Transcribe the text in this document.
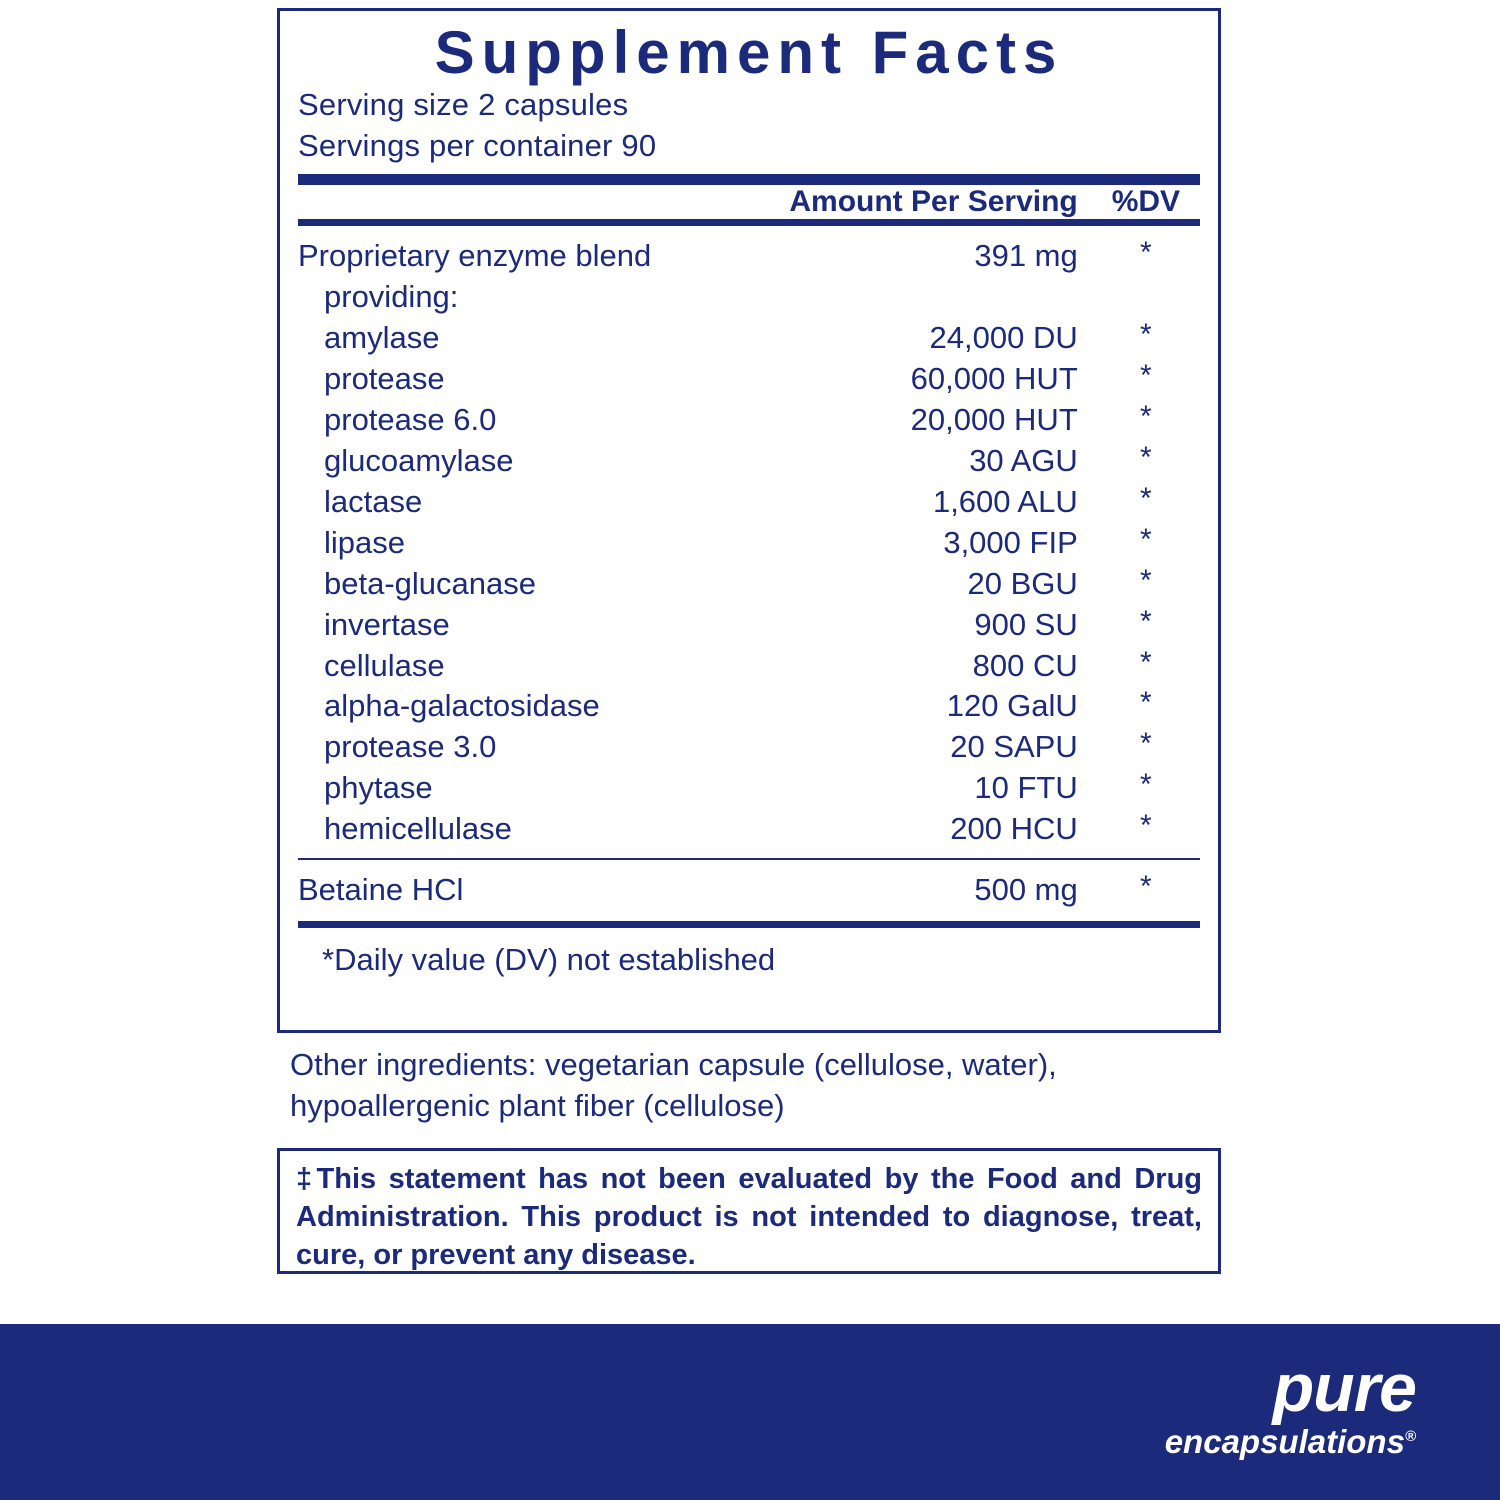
Supplement Facts
Serving size 2 capsules
Servings per container 90
	Amount Per Serving	%DV
Proprietary enzyme blend	391 mg	*
providing:		
amylase	24,000 DU	*
protease	60,000 HUT	*
protease 6.0	20,000 HUT	*
glucoamylase	30 AGU	*
lactase	1,600 ALU	*
lipase	3,000 FIP	*
beta-glucanase	20 BGU	*
invertase	900 SU	*
cellulase	800 CU	*
alpha-galactosidase	120 GalU	*
protease 3.0	20 SAPU	*
phytase	10 FTU	*
hemicellulase	200 HCU	*
Betaine HCl	500 mg	*
*Daily value (DV) not established
Other ingredients: vegetarian capsule (cellulose, water), hypoallergenic plant fiber (cellulose)
‡This statement has not been evaluated by the Food and Drug Administration. This product is not intended to diagnose, treat, cure, or prevent any disease.
pure
encapsulations®
